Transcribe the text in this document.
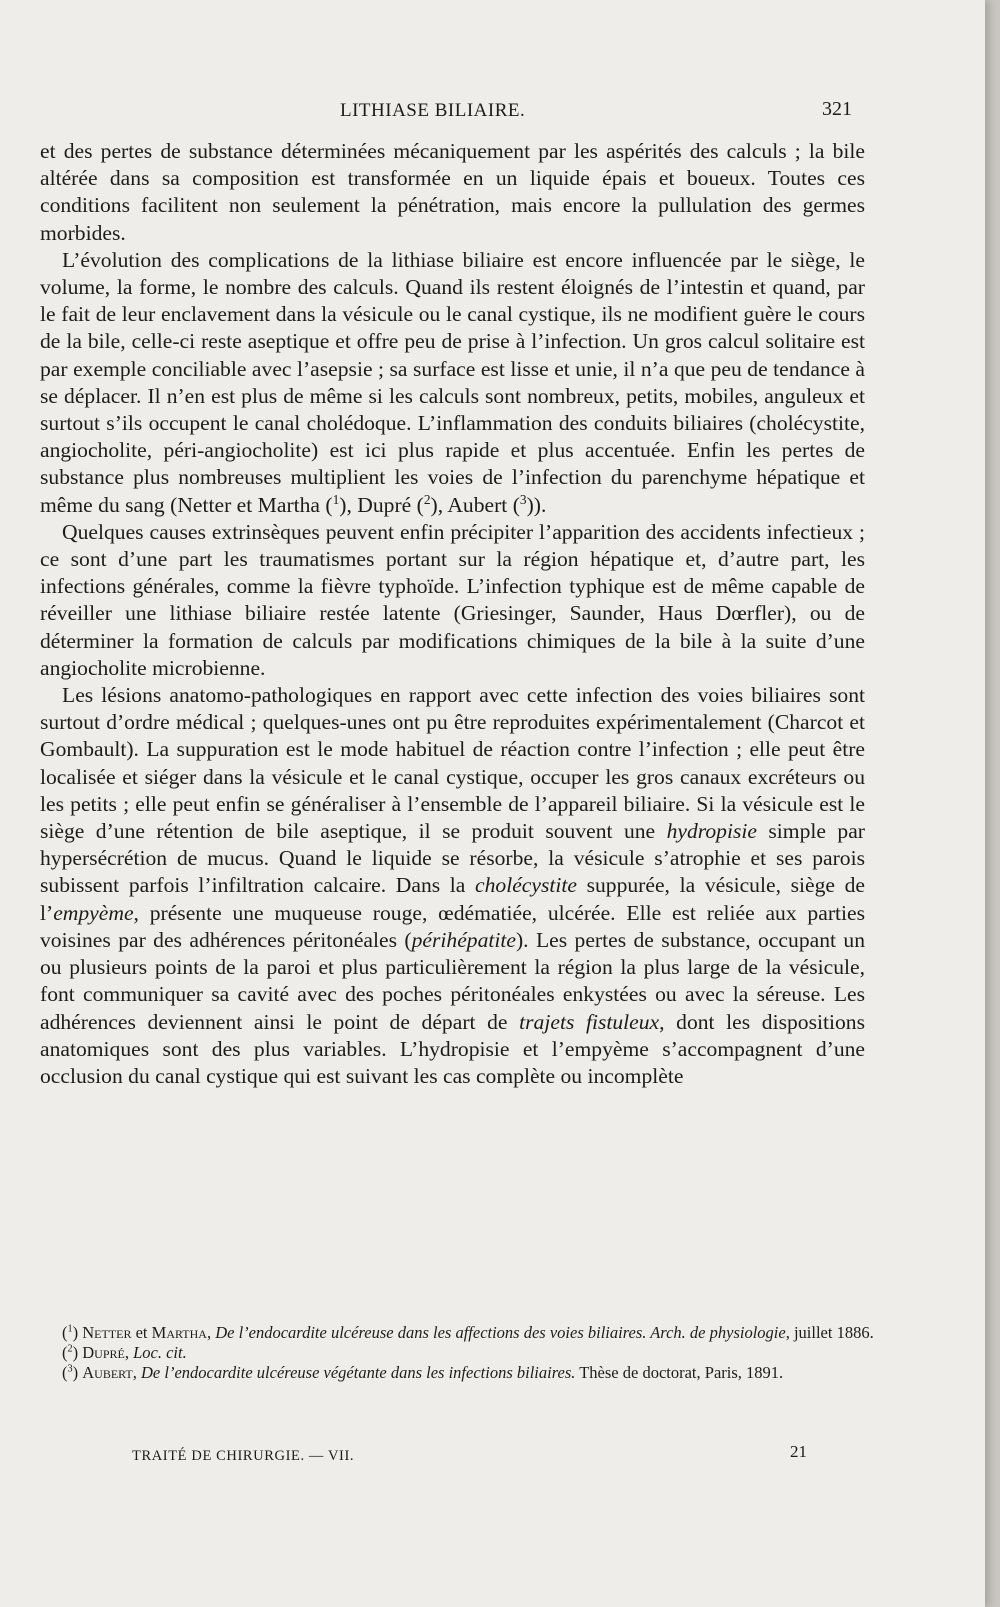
LITHIASE BILIAIRE.	321

et des pertes de substance déterminées mécaniquement par les aspérités des calculs ; la bile altérée dans sa composition est transformée en un liquide épais et boueux. Toutes ces conditions facilitent non seulement la pénétration, mais encore la pullulation des germes morbides.

L’évolution des complications de la lithiase biliaire est encore influencée par le siège, le volume, la forme, le nombre des calculs. Quand ils restent éloignés de l’intestin et quand, par le fait de leur enclavement dans la vésicule ou le canal cystique, ils ne modifient guère le cours de la bile, celle-ci reste aseptique et offre peu de prise à l’infection. Un gros calcul solitaire est par exemple conciliable avec l’asepsie ; sa surface est lisse et unie, il n’a que peu de tendance à se déplacer. Il n’en est plus de même si les calculs sont nombreux, petits, mobiles, anguleux et surtout s’ils occupent le canal cholédoque. L’inflammation des conduits biliaires (cholécystite, angiocholite, péri-angiocholite) est ici plus rapide et plus accentuée. Enfin les pertes de substance plus nombreuses multiplient les voies de l’infection du parenchyme hépatique et même du sang (Netter et Martha ($^1$), Dupré ($^2$), Aubert ($^3$)).

Quelques causes extrinsèques peuvent enfin précipiter l’apparition des accidents infectieux ; ce sont d’une part les traumatismes portant sur la région hépatique et, d’autre part, les infections générales, comme la fièvre typhoïde. L’infection typhique est de même capable de réveiller une lithiase biliaire restée latente (Griesinger, Saunder, Haus Dœrfler), ou de déterminer la formation de calculs par modifications chimiques de la bile à la suite d’une angiocholite microbienne.

Les lésions anatomo-pathologiques en rapport avec cette infection des voies biliaires sont surtout d’ordre médical ; quelques-unes ont pu être reproduites expérimentalement (Charcot et Gombault). La suppuration est le mode habituel de réaction contre l’infection ; elle peut être localisée et siéger dans la vésicule et le canal cystique, occuper les gros canaux excréteurs ou les petits ; elle peut enfin se généraliser à l’ensemble de l’appareil biliaire. Si la vésicule est le siège d’une rétention de bile aseptique, il se produit souvent une hydropisie simple par hypersécrétion de mucus. Quand le liquide se résorbe, la vésicule s’atrophie et ses parois subissent parfois l’infiltration calcaire. Dans la cholécystite suppurée, la vésicule, siège de l’empyème, présente une muqueuse rouge, œdématiée, ulcérée. Elle est reliée aux parties voisines par des adhérences péritonéales (périhépatite). Les pertes de substance, occupant un ou plusieurs points de la paroi et plus particulièrement la région la plus large de la vésicule, font communiquer sa cavité avec des poches péritonéales enkystées ou avec la séreuse. Les adhérences deviennent ainsi le point de départ de trajets fistuleux, dont les dispositions anatomiques sont des plus variables. L’hydropisie et l’empyème s’accompagnent d’une occlusion du canal cystique qui est suivant les cas complète ou incomplète

($^1$) Netter et Martha, De l’endocardite ulcéreuse dans les affections des voies biliaires. Arch. de physiologie, juillet 1886.

($^2$) Dupré, Loc. cit.

($^3$) Aubert, De l’endocardite ulcéreuse végétante dans les infections biliaires. Thèse de doctorat, Paris, 1891.

TRAITÉ DE CHIRURGIE. — VII.	21
